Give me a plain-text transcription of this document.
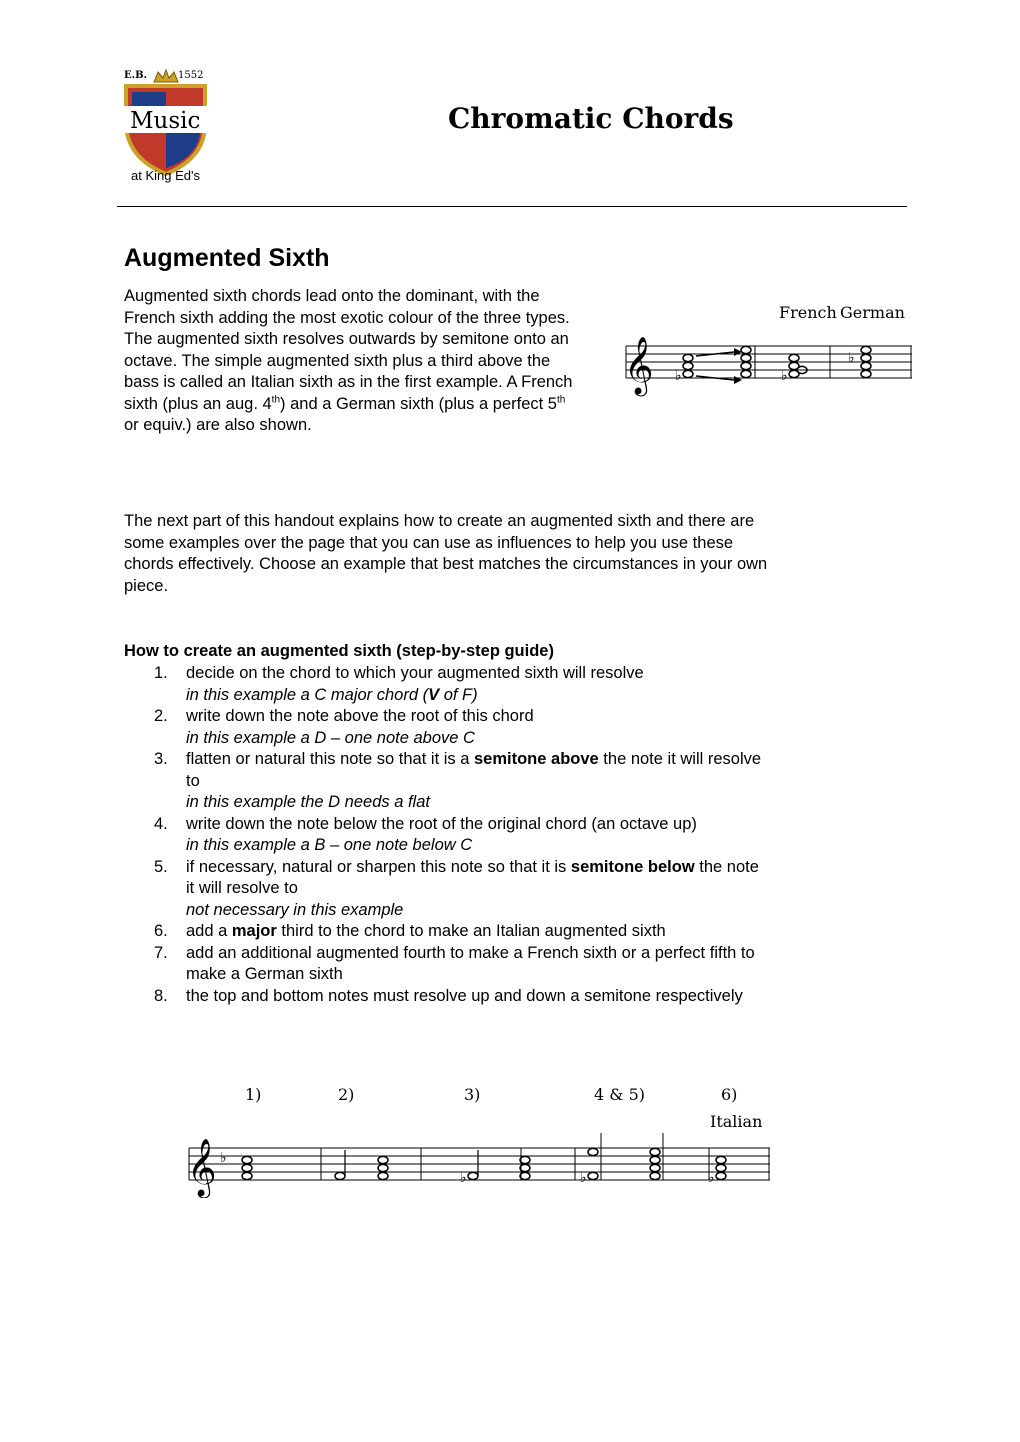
E.B.	1552
Music
at King Ed's
Chromatic Chords
Augmented Sixth

Augmented sixth chords lead onto the dominant, with the French sixth adding the most exotic colour of the three types.

The augmented sixth resolves outwards by semitone onto an octave. The simple augmented sixth plus a third above the bass is called an Italian sixth as in the first example. A French sixth (plus an aug. 4th) and a German sixth (plus a perfect 5th or equiv.) are also shown.

French German
𝄞 ♭	♭
♭

The next part of this handout explains how to create an augmented sixth and there are some examples over the page that you can use as influences to help you use these chords effectively. Choose an example that best matches the circumstances in your own piece.

How to create an augmented sixth (step-by-step guide)
1. decide on the chord to which your augmented sixth will resolve
in this example a C major chord (V of F)
2. write down the note above the root of this chord
in this example a D – one note above C
3. flatten or natural this note so that it is a semitone above the note it will resolve to
in this example the D needs a flat
4. write down the note below the root of the original chord (an octave up)
in this example a B – one note below C
5. if necessary, natural or sharpen this note so that it is semitone below the note it will resolve to
not necessary in this example
6. add a major third to the chord to make an Italian augmented sixth
7. add an additional augmented fourth to make a French sixth or a perfect fifth to make a German sixth
8. the top and bottom notes must resolve up and down a semitone respectively
1)	2)	3)	4 & 5)	6)
Italian
𝄞 ♭
♭	♭	♭
